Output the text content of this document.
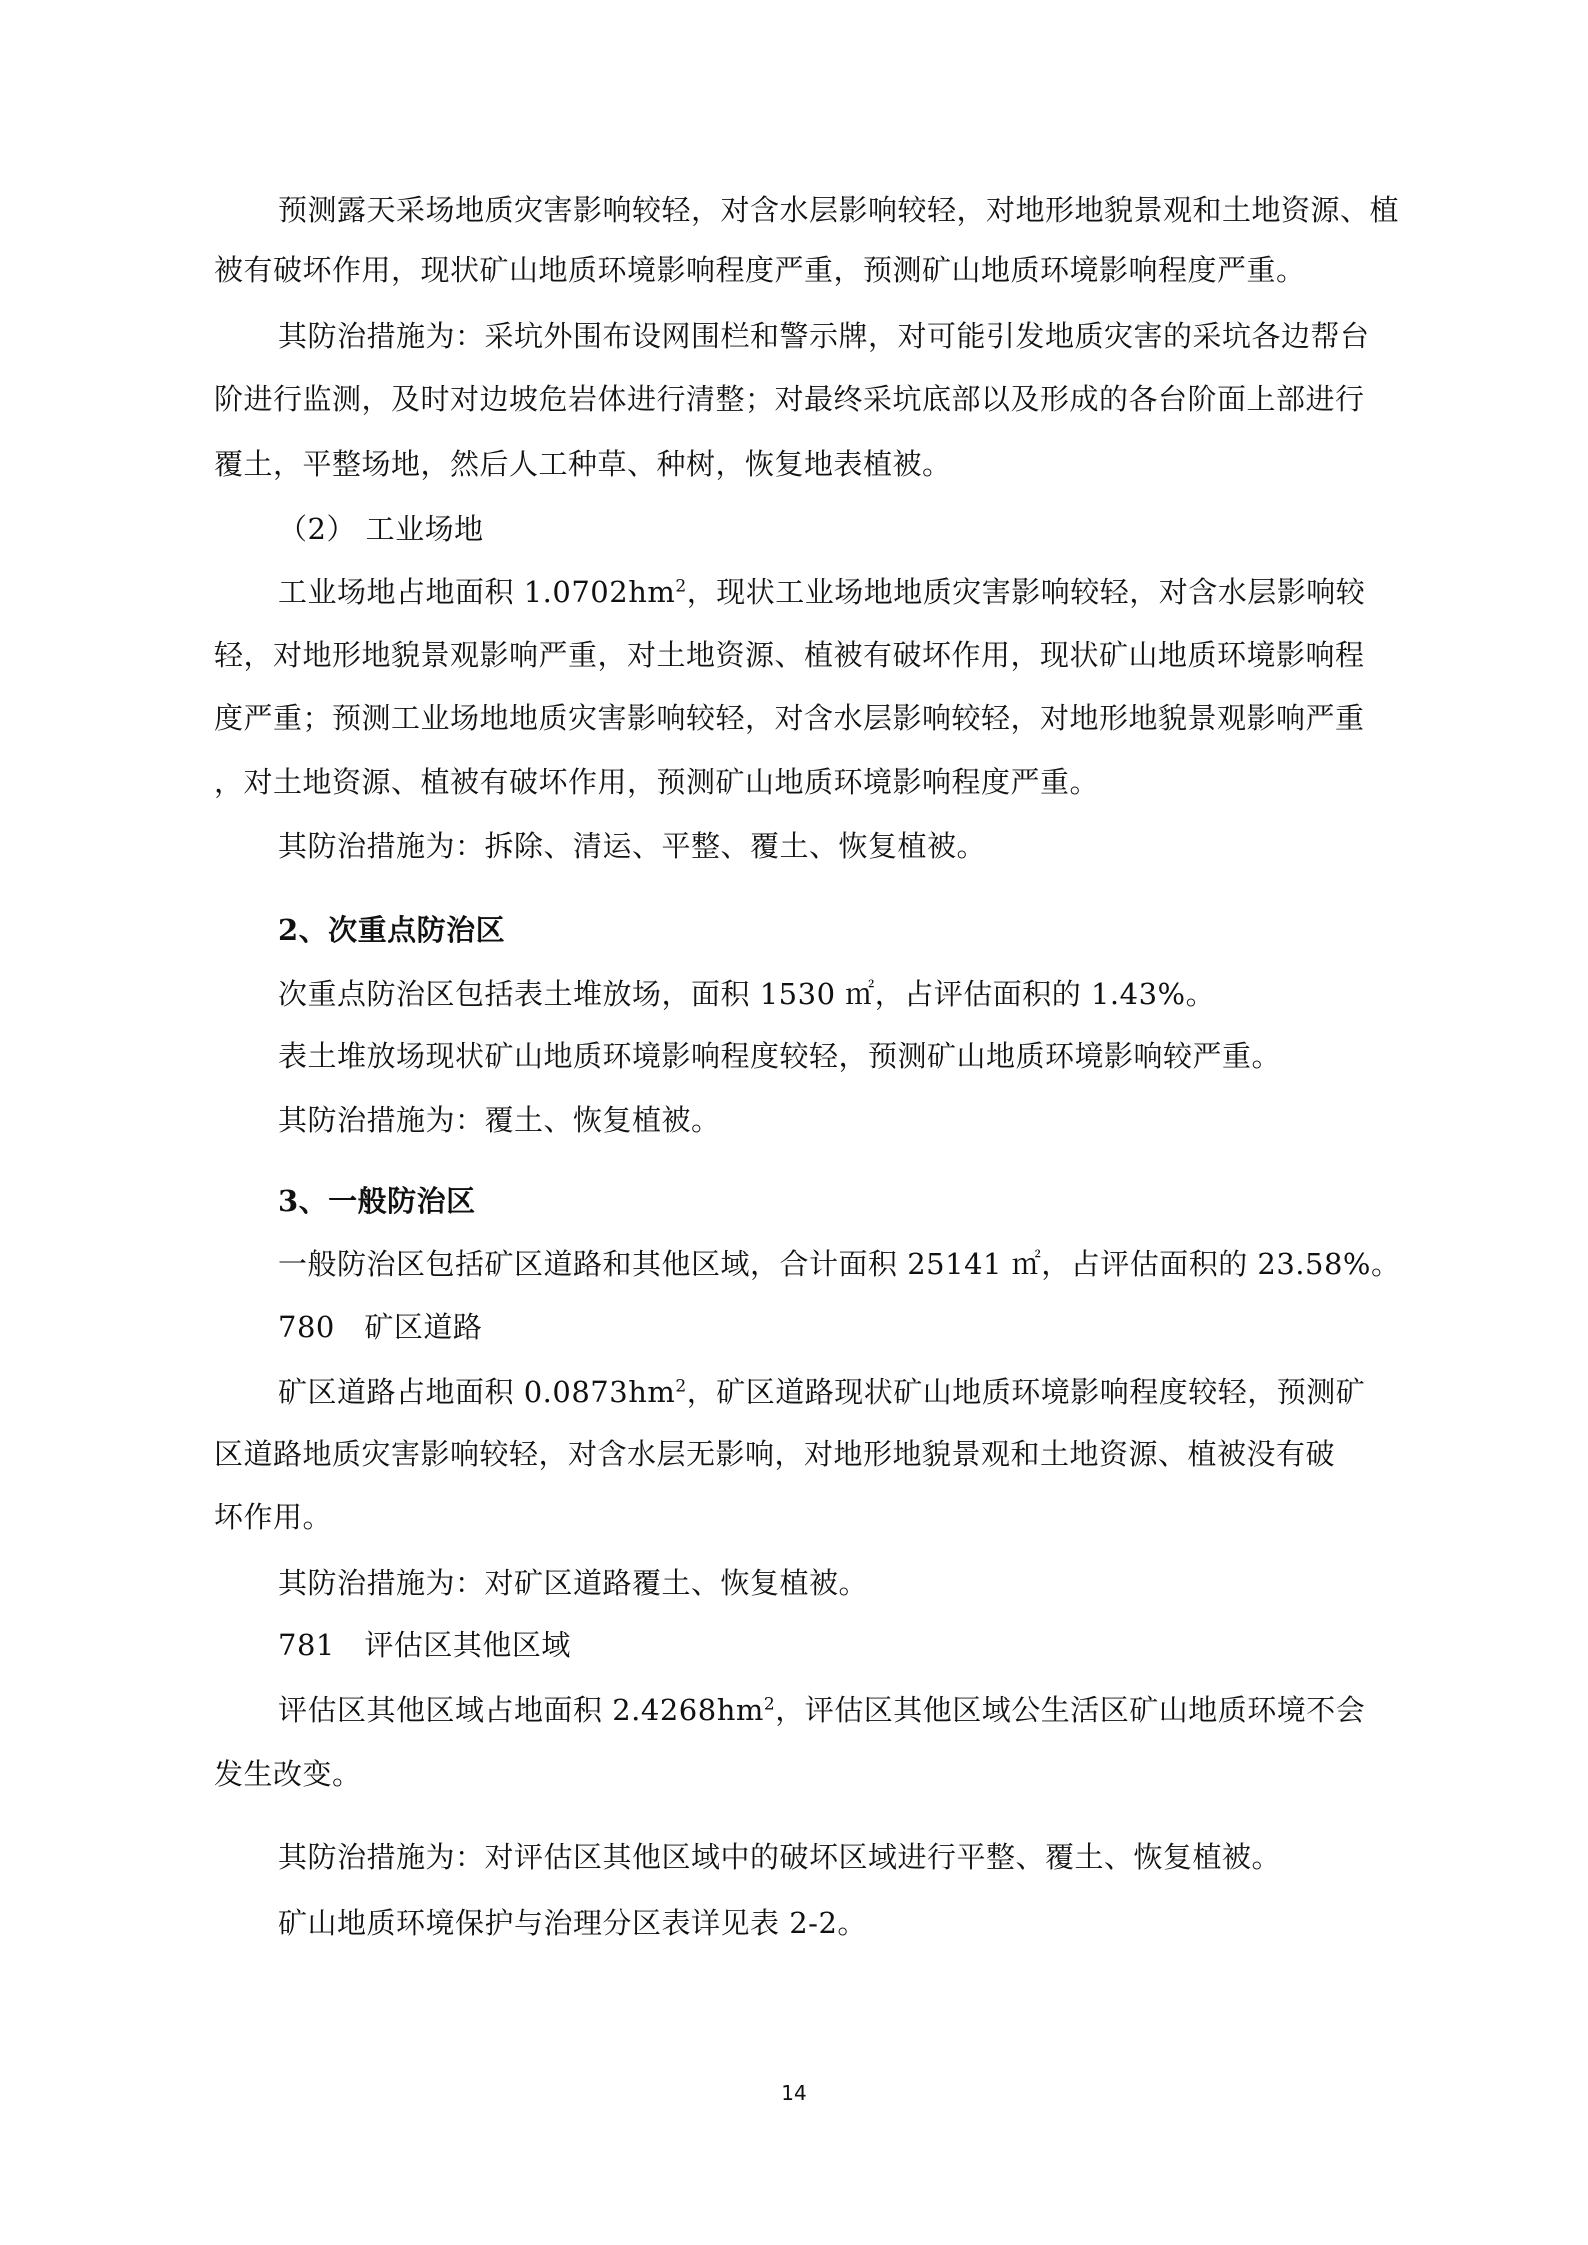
预测露天采场地质灾害影响较轻，对含水层影响较轻，对地形地貌景观和土地资源、植
被有破坏作用，现状矿山地质环境影响程度严重，预测矿山地质环境影响程度严重。
其防治措施为：采坑外围布设网围栏和警示牌，对可能引发地质灾害的采坑各边帮台
阶进行监测，及时对边坡危岩体进行清整；对最终采坑底部以及形成的各台阶面上部进行
覆土，平整场地，然后人工种草、种树，恢复地表植被。
（2） 工业场地
工业场地占地面积 $1.0702hm^2$，现状工业场地地质灾害影响较轻，对含水层影响较
轻，对地形地貌景观影响严重，对土地资源、植被有破坏作用，现状矿山地质环境影响程
度严重；预测工业场地地质灾害影响较轻，对含水层影响较轻，对地形地貌景观影响严重
，对土地资源、植被有破坏作用，预测矿山地质环境影响程度严重。
其防治措施为：拆除、清运、平整、覆土、恢复植被。
2、次重点防治区
次重点防治区包括表土堆放场，面积 1530 ㎡，占评估面积的 1.43%。
表土堆放场现状矿山地质环境影响程度较轻，预测矿山地质环境影响较严重。
其防治措施为：覆土、恢复植被。
3、一般防治区
一般防治区包括矿区道路和其他区域，合计面积 25141 ㎡，占评估面积的 23.58%。
780　矿区道路
矿区道路占地面积 $0.0873hm^2$，矿区道路现状矿山地质环境影响程度较轻，预测矿
区道路地质灾害影响较轻，对含水层无影响，对地形地貌景观和土地资源、植被没有破
坏作用。
其防治措施为：对矿区道路覆土、恢复植被。
781　评估区其他区域
评估区其他区域占地面积 $2.4268hm^2$，评估区其他区域公生活区矿山地质环境不会
发生改变。
其防治措施为：对评估区其他区域中的破坏区域进行平整、覆土、恢复植被。
矿山地质环境保护与治理分区表详见表 2-2。
14
